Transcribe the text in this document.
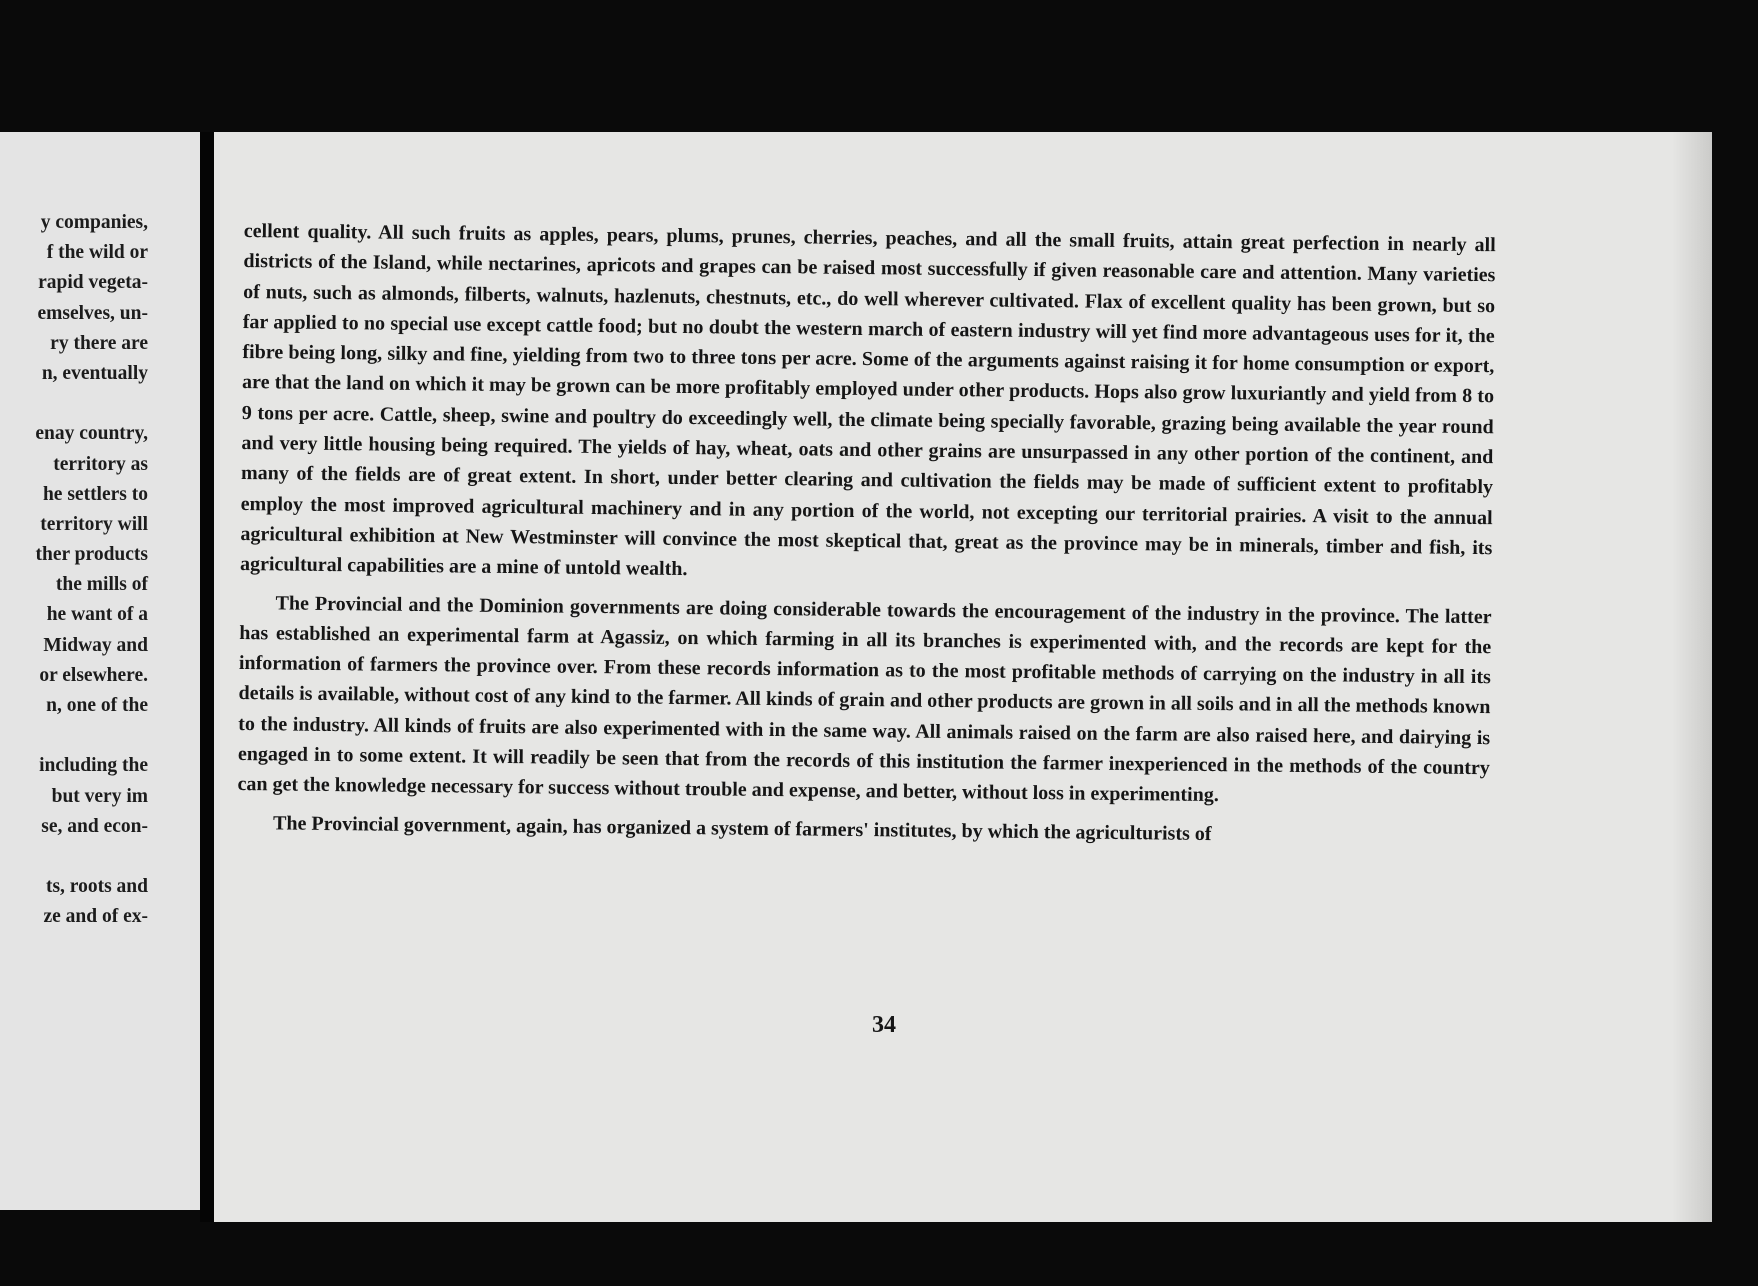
y companies,
f the wild or
rapid vegeta-
emselves, un-
ry there are
n, eventually
enay country,
territory as
he settlers to
territory will
ther products
the mills of
he want of a
Midway and
or elsewhere.
n, one of the
including the
but very im
se, and econ-
ts, roots and
ze and of ex-

cellent quality. All such fruits as apples, pears, plums, prunes, cherries, peaches, and all the small fruits, attain great perfection in nearly all districts of the Island, while nectarines, apricots and grapes can be raised most successfully if given reasonable care and attention. Many varieties of nuts, such as almonds, filberts, walnuts, hazlenuts, chestnuts, etc., do well wherever cultivated. Flax of excellent quality has been grown, but so far applied to no special use except cattle food; but no doubt the western march of eastern industry will yet find more advantageous uses for it, the fibre being long, silky and fine, yielding from two to three tons per acre. Some of the arguments against raising it for home consumption or export, are that the land on which it may be grown can be more profitably employed under other products. Hops also grow luxuriantly and yield from 8 to 9 tons per acre. Cattle, sheep, swine and poultry do exceedingly well, the climate being specially favorable, grazing being available the year round and very little housing being required. The yields of hay, wheat, oats and other grains are unsurpassed in any other portion of the continent, and many of the fields are of great extent. In short, under better clearing and cultivation the fields may be made of sufficient extent to profitably employ the most improved agricultural machinery and in any portion of the world, not excepting our territorial prairies. A visit to the annual agricultural exhibition at New Westminster will convince the most skeptical that, great as the province may be in minerals, timber and fish, its agricultural capabilities are a mine of untold wealth.

The Provincial and the Dominion governments are doing considerable towards the encouragement of the industry in the province. The latter has established an experimental farm at Agassiz, on which farming in all its branches is experimented with, and the records are kept for the information of farmers the province over. From these records information as to the most profitable methods of carrying on the industry in all its details is available, without cost of any kind to the farmer. All kinds of grain and other products are grown in all soils and in all the methods known to the industry. All kinds of fruits are also experimented with in the same way. All animals raised on the farm are also raised here, and dairying is engaged in to some extent. It will readily be seen that from the records of this institution the farmer inexperienced in the methods of the country can get the knowledge necessary for success without trouble and expense, and better, without loss in experimenting.

The Provincial government, again, has organized a system of farmers' institutes, by which the agriculturists of

34
